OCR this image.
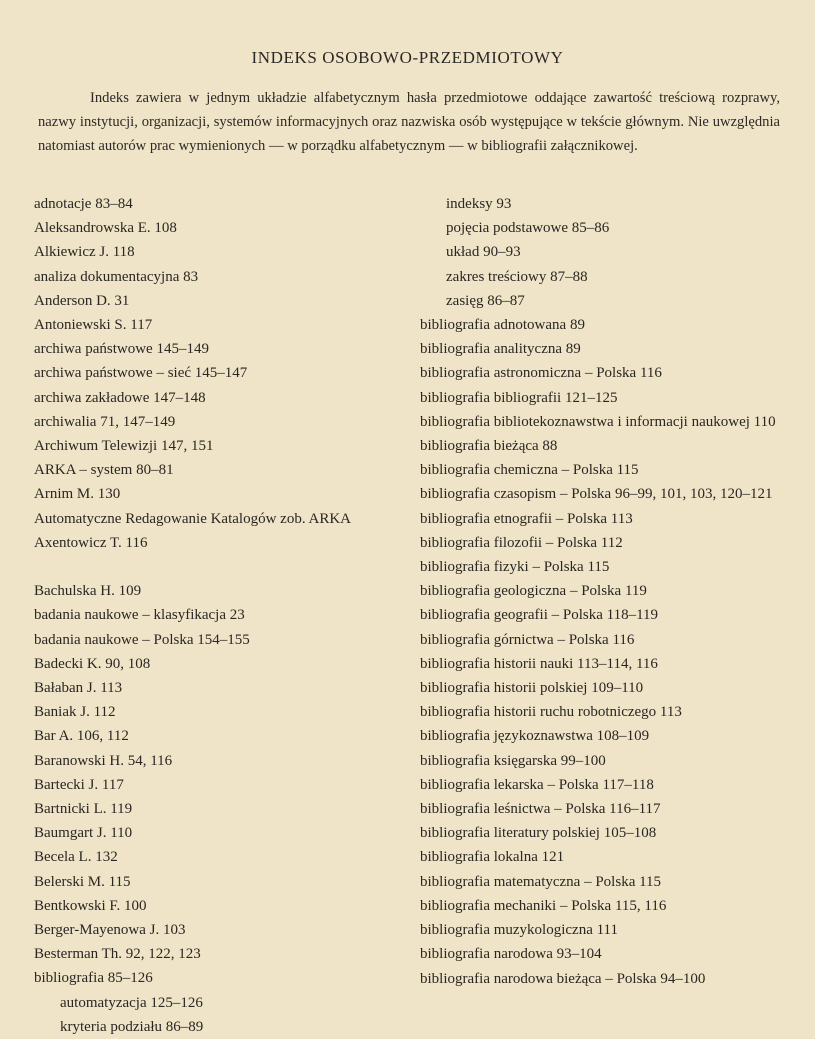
INDEKS OSOBOWO-PRZEDMIOTOWY
Indeks zawiera w jednym układzie alfabetycznym hasła przedmiotowe oddające zawartość treściową rozprawy, nazwy instytucji, organizacji, systemów informacyjnych oraz nazwiska osób występujące w tekście głównym. Nie uwzględnia natomiast autorów prac wymienionych — w porządku alfabetycznym — w bibliografii załącznikowej.
adnotacje 83–84
Aleksandrowska E. 108
Alkiewicz J. 118
analiza dokumentacyjna 83
Anderson D. 31
Antoniewski S. 117
archiwa państwowe 145–149
archiwa państwowe – sieć 145–147
archiwa zakładowe 147–148
archiwalia 71, 147–149
Archiwum Telewizji 147, 151
ARKA – system 80–81
Arnim M. 130
Automatyczne Redagowanie Katalogów zob. ARKA
Axentowicz T. 116
Bachulska H. 109
badania naukowe – klasyfikacja 23
badania naukowe – Polska 154–155
Badecki K. 90, 108
Bałaban J. 113
Baniak J. 112
Bar A. 106, 112
Baranowski H. 54, 116
Bartecki J. 117
Bartnicki L. 119
Baumgart J. 110
Becela L. 132
Belerski M. 115
Bentkowski F. 100
Berger-Mayenowa J. 103
Besterman Th. 92, 122, 123
bibliografia 85–126
automatyzacja 125–126
kryteria podziału 86–89
indeksy 93
pojęcia podstawowe 85–86
układ 90–93
zakres treściowy 87–88
zasięg 86–87
bibliografia adnotowana 89
bibliografia analityczna 89
bibliografia astronomiczna – Polska 116
bibliografia bibliografii 121–125
bibliografia bibliotekoznawstwa i informacji naukowej 110
bibliografia bieżąca 88
bibliografia chemiczna – Polska 115
bibliografia czasopism – Polska 96–99, 101, 103, 120–121
bibliografia etnografii – Polska 113
bibliografia filozofii – Polska 112
bibliografia fizyki – Polska 115
bibliografia geologiczna – Polska 119
bibliografia geografii – Polska 118–119
bibliografia górnictwa – Polska 116
bibliografia historii nauki 113–114, 116
bibliografia historii polskiej 109–110
bibliografia historii ruchu robotniczego 113
bibliografia językoznawstwa 108–109
bibliografia księgarska 99–100
bibliografia lekarska – Polska 117–118
bibliografia leśnictwa – Polska 116–117
bibliografia literatury polskiej 105–108
bibliografia lokalna 121
bibliografia matematyczna – Polska 115
bibliografia mechaniki – Polska 115, 116
bibliografia muzykologiczna 111
bibliografia narodowa 93–104
bibliografia narodowa bieżąca – Polska 94–100
